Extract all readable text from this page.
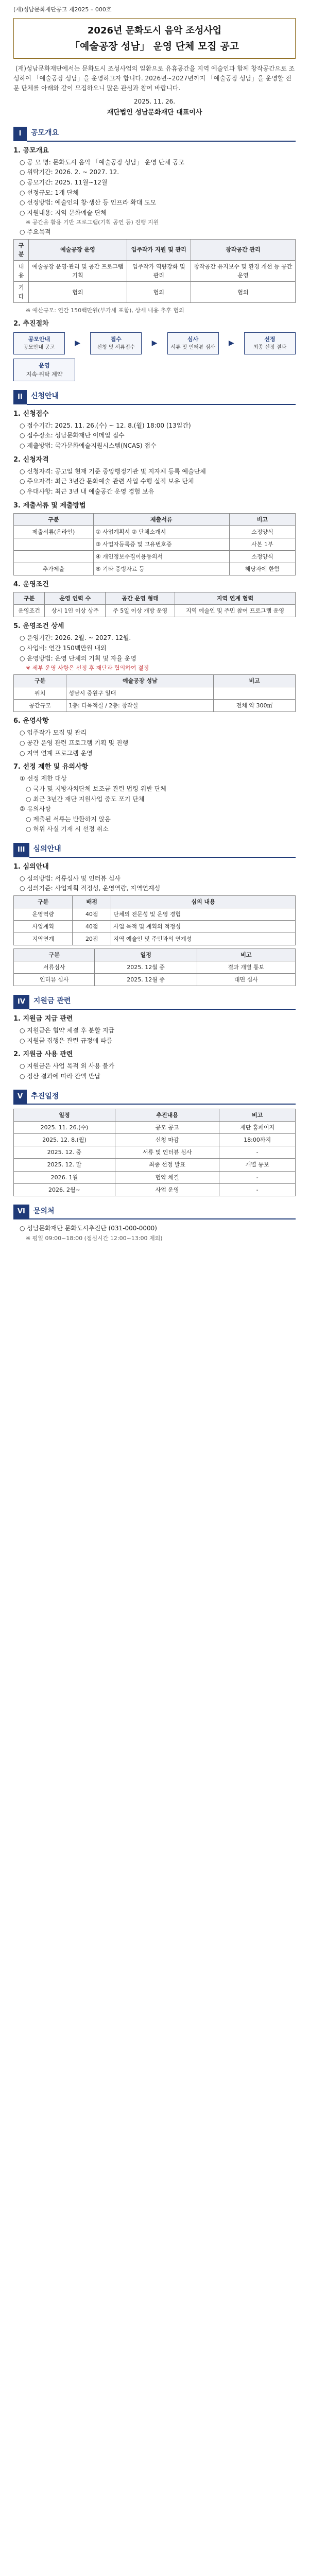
(재)성남문화재단공고 제2025 – 000호
2026년 문화도시 음악 조성사업
「예술공장 성남」 운영 단체 모집 공고
(재)성남문화재단에서는 문화도시 조성사업의 일환으로 유휴공간을 지역 예술인과 함께 창작공간으로 조성하여 「예술공장 성남」을 운영하고자 합니다. 2026년~2027년까지 「예술공장 성남」을 운영할 전문 단체를 아래와 같이 모집하오니 많은 관심과 참여 바랍니다.
2025. 11. 26.
재단법인 성남문화재단 대표이사
I	공모개요
1. 공모개요
○ 공 모 명: 문화도시 음악 「예술공장 성남」 운영 단체 공모
○ 위탁기간: 2026. 2. ~ 2027. 12.
○ 공모기간: 2025. 11월~12월
○ 선정규모: 1개 단체
○ 선정방법: 예술인의 창·생산 등 인프라 확대 도모
○ 지원내용: 지역 문화예술 단체
※ 공간을 활용 기반 프로그램(기획 공연 등) 진행 지원
○ 주요목적
구분	예술공장 운영	입주작가 지원 및 관리	창작공간 관리
내용	예술공장 운영·관리 및 공간 프로그램 기획	입주작가 역량강화 및 관리	창작공간 유지보수 및 환경 개선 등 공간 운영
기타	협의	협의	협의
※ 예산규모: 연간 150백만원(부가세 포함), 상세 내용 추후 협의
2. 추진절차
공모안내
공모안내 공고
▶	접수
신청 및 서류접수
▶	심사
서류 및 인터뷰 심사
▶	선정
최종 선정 결과
운영
지속·위탁 계약
II	신청안내
1. 신청접수
○ 접수기간: 2025. 11. 26.(수) ~ 12. 8.(월) 18:00 (13일간)
○ 접수장소: 성남문화재단 이메일 접수
○ 제출방법: 국가문화예술지원시스템(NCAS) 접수
2. 신청자격
○ 신청자격: 공고일 현재 기준 중앙행정기관 및 지자체 등록 예술단체
○ 주요자격: 최근 3년간 문화예술 관련 사업 수행 실적 보유 단체
○ 우대사항: 최근 3년 내 예술공간 운영 경험 보유
3. 제출서류 및 제출방법
구분	제출서류	비고
제출서류(온라인)	① 사업계획서 ② 단체소개서	소정양식
	③ 사업자등록증 및 고유번호증	사본 1부
	④ 개인정보수집이용동의서	소정양식
추가제출	⑤ 기타 증빙자료 등	해당자에 한함
4. 운영조건
구분	운영 인력 수	공간 운영 형태	지역 연계 협력
운영조건	상시 1인 이상 상주	주 5일 이상 개방 운영	지역 예술인 및 주민 참여 프로그램 운영
5. 운영조건 상세
○ 운영기간: 2026. 2월. ~ 2027. 12월.
○ 사업비: 연간 150백만원 내외
○ 운영방법: 운영 단체의 기획 및 자율 운영
※ 세부 운영 사항은 선정 후 재단과 협의하여 결정
구분	예술공장 성남	비고
위치	성남시 중원구 일대	
공간규모	1층: 다목적실 / 2층: 창작실	전체 약 300㎡
6. 운영사항
○ 입주작가 모집 및 관리
○ 공간 운영 관련 프로그램 기획 및 진행
○ 지역 연계 프로그램 운영
7. 선정 제한 및 유의사항
① 선정 제한 대상
○ 국가 및 지방자치단체 보조금 관련 법령 위반 단체
○ 최근 3년간 재단 지원사업 중도 포기 단체
② 유의사항
○ 제출된 서류는 반환하지 않음
○ 허위 사실 기재 시 선정 취소
III	심의안내
1. 심의안내
○ 심의방법: 서류심사 및 인터뷰 심사
○ 심의기준: 사업계획 적정성, 운영역량, 지역연계성
구분	배점	심의 내용
운영역량	40점	단체의 전문성 및 운영 경험
사업계획	40점	사업 목적 및 계획의 적정성
지역연계	20점	지역 예술인 및 주민과의 연계성
구분	일정	비고
서류심사	2025. 12월 중	결과 개별 통보
인터뷰 심사	2025. 12월 중	대면 심사
IV	지원금 관련
1. 지원금 지급 관련
○ 지원금은 협약 체결 후 분할 지급
○ 지원금 집행은 관련 규정에 따름
2. 지원금 사용 관련
○ 지원금은 사업 목적 외 사용 불가
○ 정산 결과에 따라 잔액 반납
V	추진일정
일정	추진내용	비고
2025. 11. 26.(수)	공모 공고	재단 홈페이지
2025. 12. 8.(월)	신청 마감	18:00까지
2025. 12. 중	서류 및 인터뷰 심사	-
2025. 12. 말	최종 선정 발표	개별 통보
2026. 1월	협약 체결	-
2026. 2월~	사업 운영	-
VI	문의처
○ 성남문화재단 문화도시추진단 (031-000-0000)
※ 평일 09:00~18:00 (점심시간 12:00~13:00 제외)
